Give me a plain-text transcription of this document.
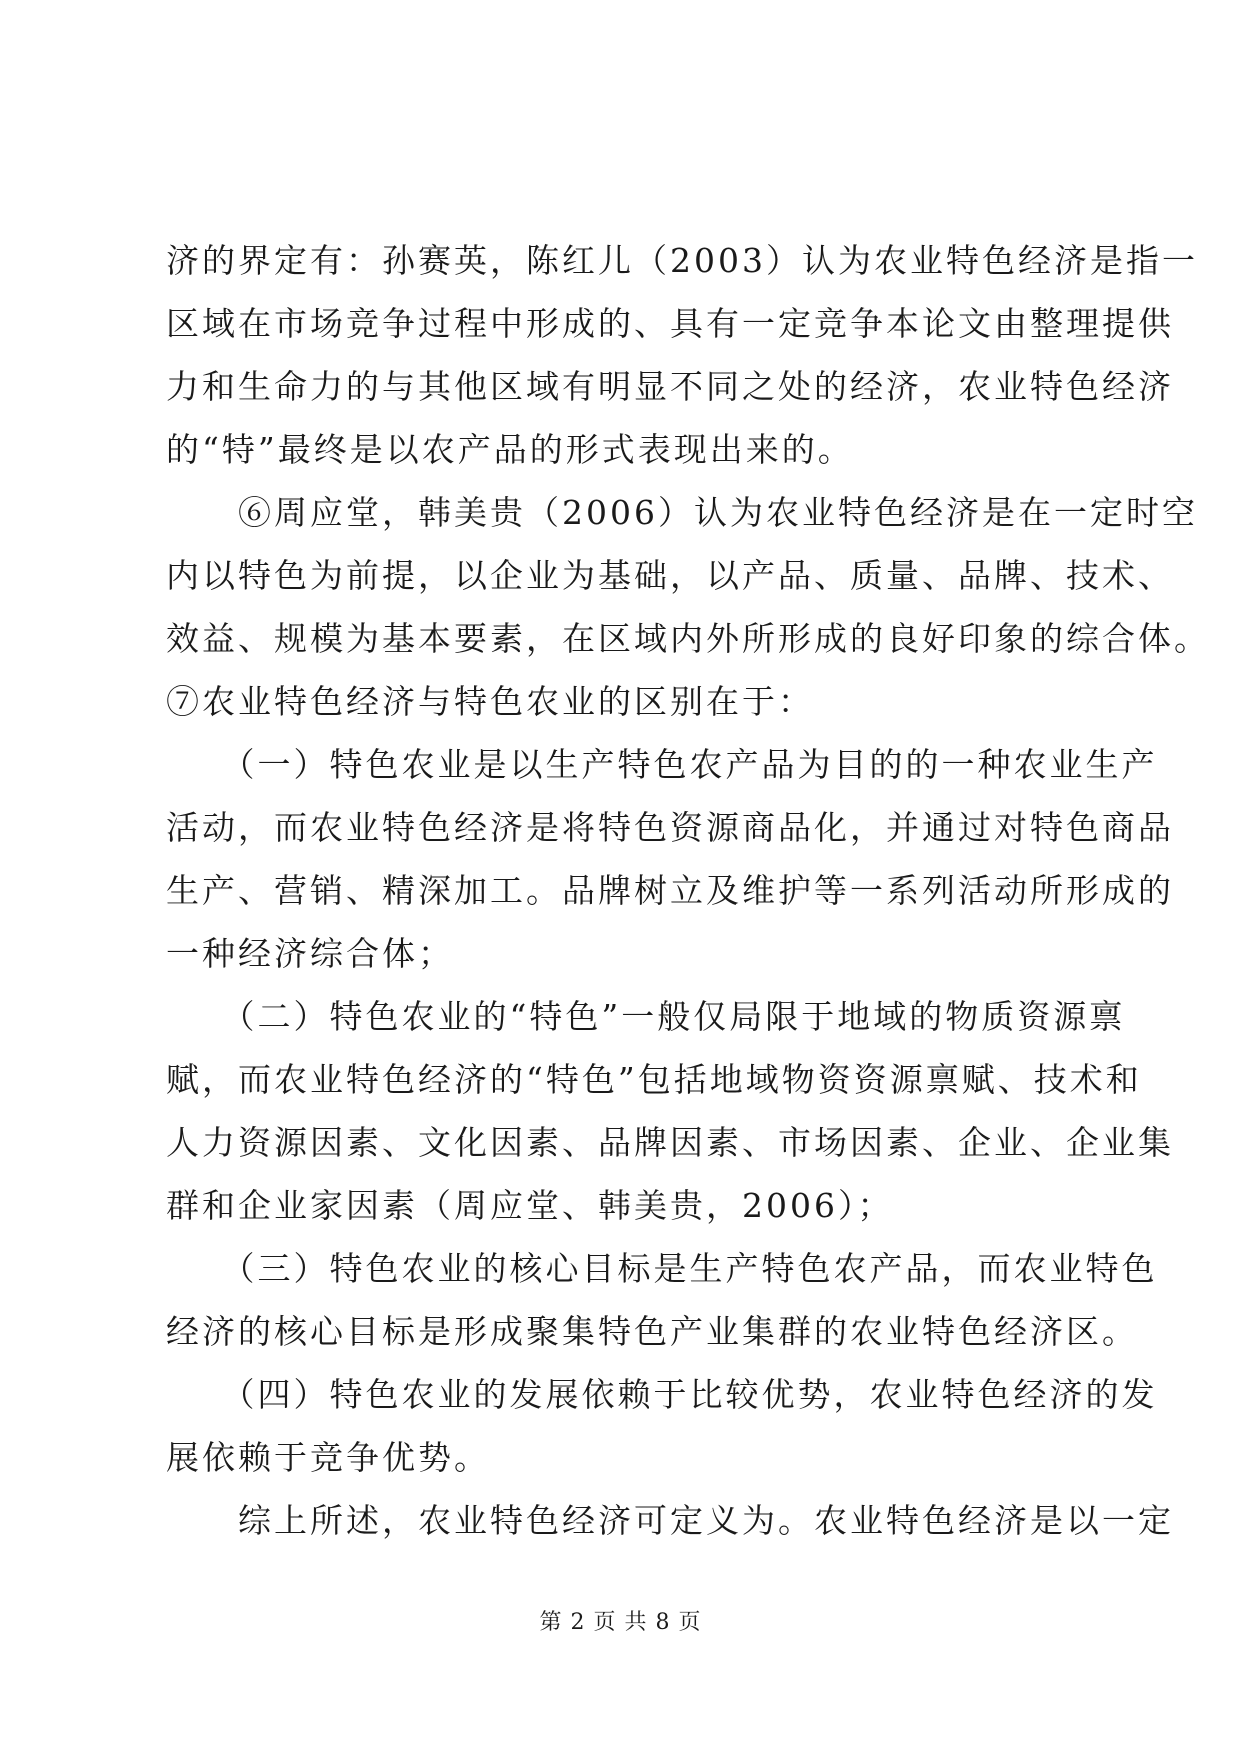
济的界定有：孙赛英，陈红儿（2003）认为农业特色经济是指一
区域在市场竞争过程中形成的、具有一定竞争本论文由整理提供
力和生命力的与其他区域有明显不同之处的经济，农业特色经济
的“特”最终是以农产品的形式表现出来的。
　　⑥周应堂，韩美贵（2006）认为农业特色经济是在一定时空
内以特色为前提，以企业为基础，以产品、质量、品牌、技术、
效益、规模为基本要素，在区域内外所形成的良好印象的综合体。
⑦农业特色经济与特色农业的区别在于：
　　（一）特色农业是以生产特色农产品为目的的一种农业生产
活动，而农业特色经济是将特色资源商品化，并通过对特色商品
生产、营销、精深加工。品牌树立及维护等一系列活动所形成的
一种经济综合体；
　　（二）特色农业的“特色”一般仅局限于地域的物质资源禀
赋，而农业特色经济的“特色”包括地域物资资源禀赋、技术和
人力资源因素、文化因素、品牌因素、市场因素、企业、企业集
群和企业家因素（周应堂、韩美贵，2006）；
　　（三）特色农业的核心目标是生产特色农产品，而农业特色
经济的核心目标是形成聚集特色产业集群的农业特色经济区。
　　（四）特色农业的发展依赖于比较优势，农业特色经济的发
展依赖于竞争优势。
　　综上所述，农业特色经济可定义为。农业特色经济是以一定
第 2 页 共 8 页
